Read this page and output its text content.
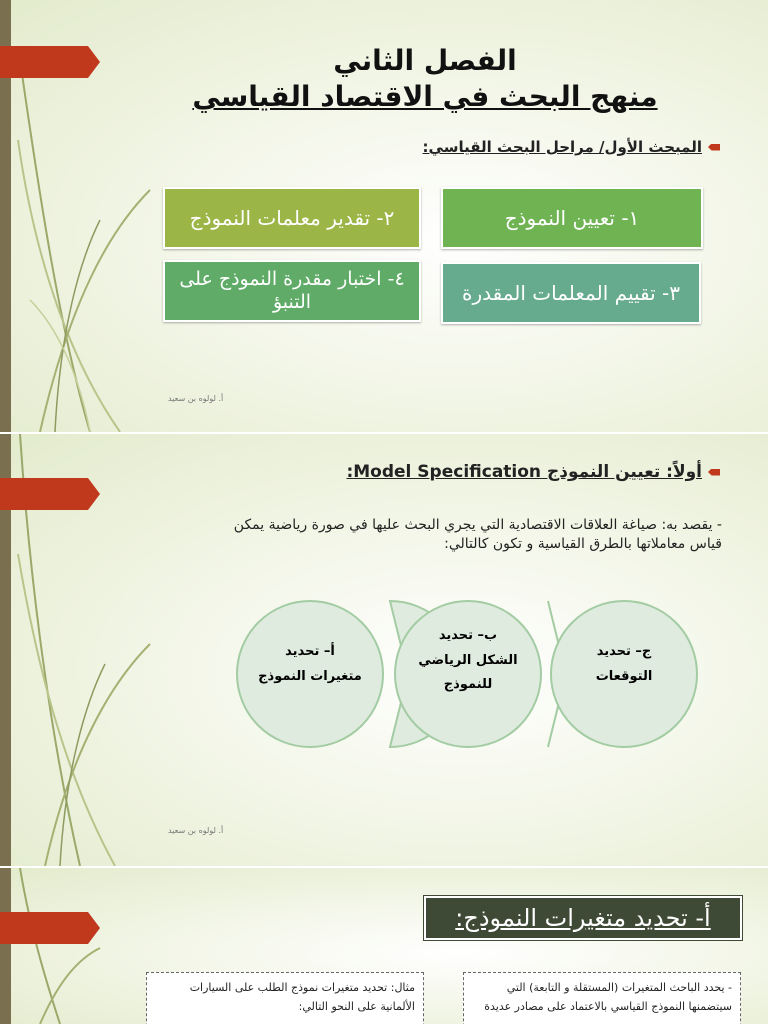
الفصل الثاني
منهج البحث في الاقتصاد القياسي
المبحث الأول/ مراحل البحث القياسي:
١- تعيين النموذج
٢- تقدير معلمات النموذج
٣- تقييم المعلمات المقدرة
٤- اختبار مقدرة النموذج على التنبؤ
أ. لولوه بن سعيد
أولاً: تعيين النموذج Model Specification:
- يقصد به: صياغة العلاقات الاقتصادية التي يجري البحث عليها في صورة رياضية يمكن قياس معاملاتها بالطرق القياسية و تكون كالتالي:
أ– تحديد
متغيرات النموذج
ب– تحديد
الشكل الرياضي
للنموذج
ج– تحديد
التوقعات
أ. لولوه بن سعيد
أ- تحديد متغيرات النموذج:
- يحدد الباحث المتغيرات (المستقلة و التابعة) التي
سيتضمنها النموذج القياسي بالاعتماد على مصادر عديدة
مثال: تحديد متغيرات نموذج الطلب على السيارات
الألمانية على النحو التالي:
